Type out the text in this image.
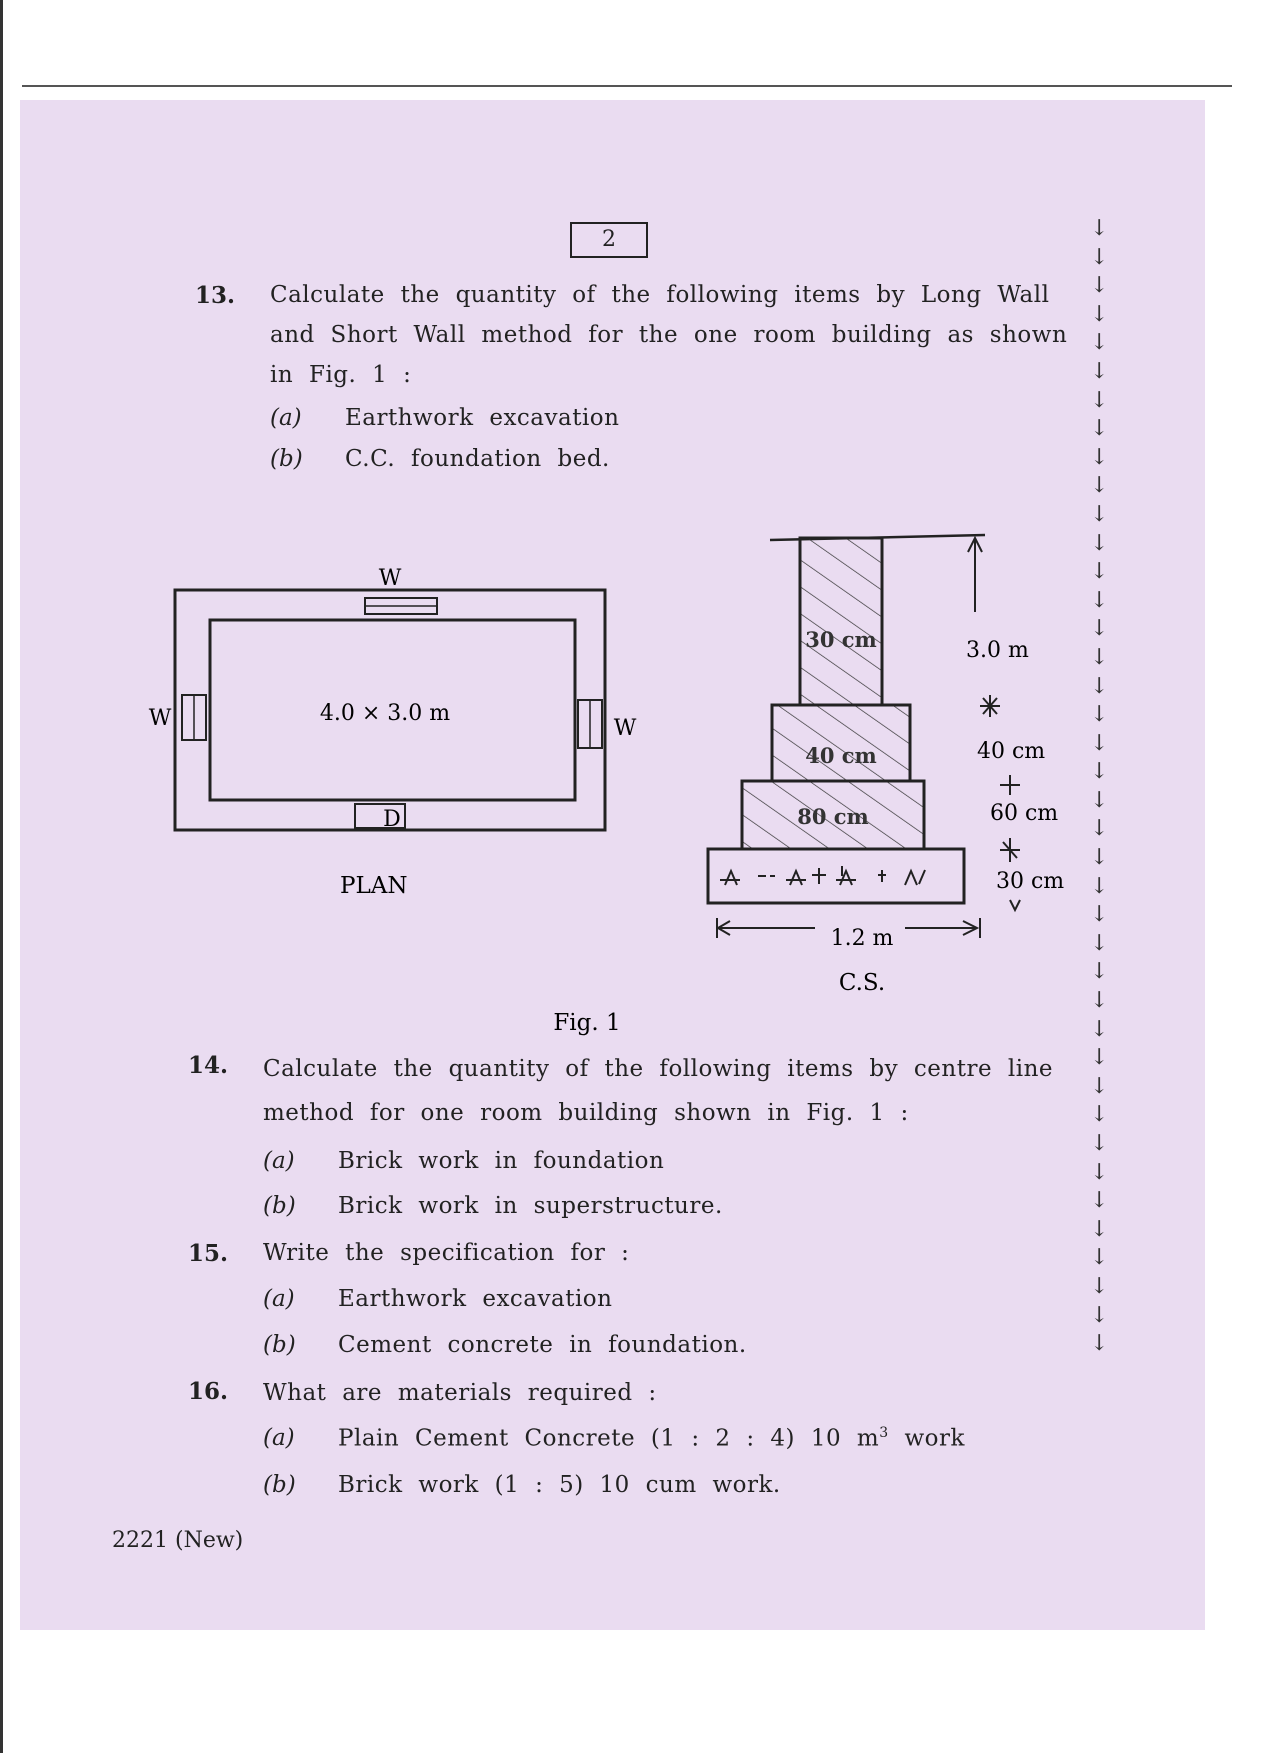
2
13. Calculate the quantity of the following items by Long Wall
and Short Wall method for the one room building as shown
in Fig. 1 :
(a) Earthwork excavation
(b) C.C. foundation bed.
W
W	W
D
4.0 × 3.0 m
PLAN
30 cm
40 cm
80 cm
3.0 m
40 cm
60 cm
30 cm
1.2 m
C.S.
Fig. 1
14. Calculate the quantity of the following items by centre line
method for one room building shown in Fig. 1 :
(a) Brick work in foundation
(b) Brick work in superstructure.
15. Write the specification for :
(a) Earthwork excavation
(b) Cement concrete in foundation.
16. What are materials required :
(a) Plain Cement Concrete (1 : 2 : 4) 10 $m^3$ work
(b) Brick work (1 : 5) 10 cum work.
2221 (New)
↓
↓
↓
↓
↓
↓
↓
↓
↓
↓
↓
↓
↓
↓
↓
↓
↓
↓
↓
↓
↓
↓
↓
↓
↓
↓
↓
↓
↓
↓
↓
↓
↓
↓
↓
↓
↓
↓
↓
↓
